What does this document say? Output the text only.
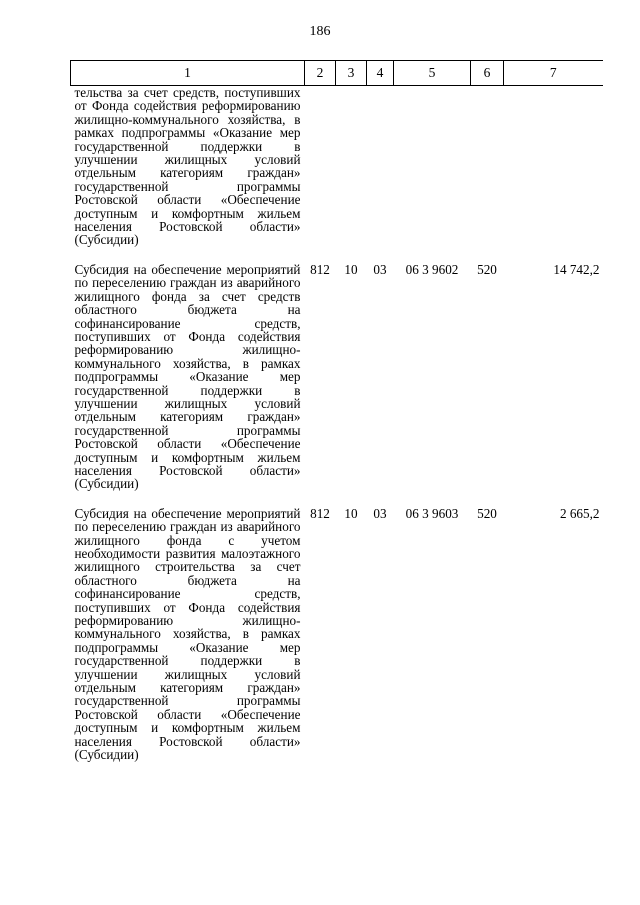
186
1	2	3	4	5	6	7
тельства за счет средств, поступивших от Фонда содействия реформированию жилищно-коммунального хозяйства, в рамках подпрограммы «Оказание мер государственной поддержки в улучшении жилищных условий отдельным категориям граждан» государственной программы Ростовской области «Обеспечение доступным и комфортным жильем населения Ростовской области» (Субсидии)						

Субсидия на обеспечение мероприятий по переселению граждан из аварийного жилищного фонда за счет средств областного бюджета на софинансирование средств, поступивших от Фонда содействия реформированию жилищно-коммунального хозяйства, в рамках подпрограммы «Оказание мер государственной поддержки в улучшении жилищных условий отдельным категориям граждан» государственной программы Ростовской области «Обеспечение доступным и комфортным жильем населения Ростовской области» (Субсидии)	812	10	03	06 3 9602	520	14 742,2

Субсидия на обеспечение мероприятий по переселению граждан из аварийного жилищного фонда с учетом необходимости развития малоэтажного жилищного строительства за счет областного бюджета на софинансирование средств, поступивших от Фонда содействия реформированию жилищно-коммунального хозяйства, в рамках подпрограммы «Оказание мер государственной поддержки в улучшении жилищных условий отдельным категориям граждан» государственной программы Ростовской области «Обеспечение доступным и комфортным жильем населения Ростовской области» (Субсидии)	812	10	03	06 3 9603	520	2 665,2
